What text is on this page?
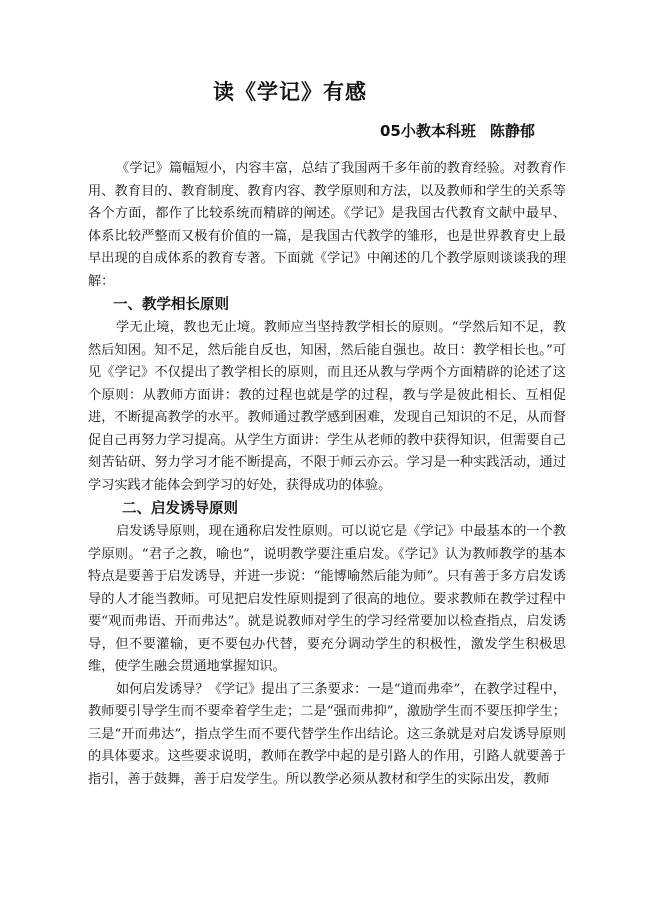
读《学记》有感

05小教本科班 陈静郁

《学记》篇幅短小，内容丰富，总结了我国两千多年前的教育经验。对教育作用、教育目的、教育制度、教育内容、教学原则和方法，以及教师和学生的关系等各个方面，都作了比较系统而精辟的阐述。《学记》是我国古代教育文献中最早、体系比较严整而又极有价值的一篇，是我国古代教学的雏形，也是世界教育史上最早出现的自成体系的教育专著。下面就《学记》中阐述的几个教学原则谈谈我的理解：

一、教学相长原则

学无止境，教也无止境。教师应当坚持教学相长的原则。“学然后知不足，教然后知困。知不足，然后能自反也，知困，然后能自强也。故日：教学相长也。”可见《学记》不仅提出了教学相长的原则，而且还从教与学两个方面精辟的论述了这个原则：从教师方面讲：教的过程也就是学的过程，教与学是彼此相长、互相促进，不断提高教学的水平。教师通过教学感到困难，发现自己知识的不足，从而督促自己再努力学习提高。从学生方面讲：学生从老师的教中获得知识，但需要自己刻苦钻研、努力学习才能不断提高，不限于师云亦云。学习是一种实践活动，通过学习实践才能体会到学习的好处，获得成功的体验。

二、启发诱导原则

启发诱导原则，现在通称启发性原则。可以说它是《学记》中最基本的一个教学原则。“君子之教，喻也”，说明教学要注重启发。《学记》认为教师教学的基本特点是要善于启发诱导，并进一步说：“能博喻然后能为师”。只有善于多方启发诱导的人才能当教师。可见把启发性原则提到了很高的地位。要求教师在教学过程中要“观而弗语、开而弗达”。就是说教师对学生的学习经常要加以检查指点，启发诱导，但不要灌输，更不要包办代替，要充分调动学生的积极性，激发学生积极思维，使学生融会贯通地掌握知识。

如何启发诱导？《学记》提出了三条要求：一是“道而弗牵”，在教学过程中，教师要引导学生而不要牵着学生走；二是“强而弗抑”，激励学生而不要压抑学生；三是“开而弗达”，指点学生而不要代替学生作出结论。这三条就是对启发诱导原则的具体要求。这些要求说明，教师在教学中起的是引路人的作用，引路人就要善于指引，善于鼓舞，善于启发学生。所以教学必须从教材和学生的实际出发，教师
